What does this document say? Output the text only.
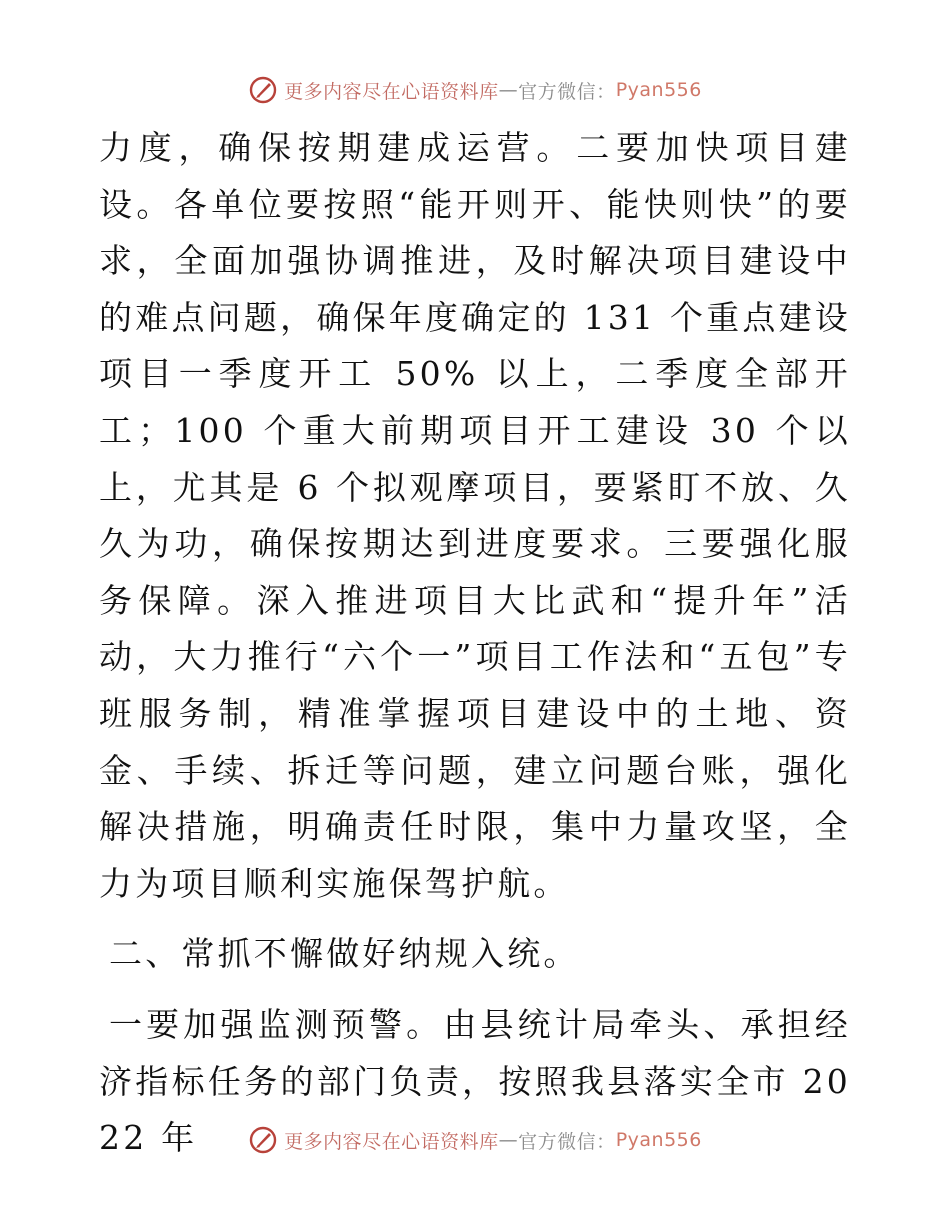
更多内容尽在心语资料库 — 官方微信： Pyan556

力度，确保按期建成运营。二要加快项目建设。各单位要按照“能开则开、能快则快”的要求，全面加强协调推进，及时解决项目建设中的难点问题，确保年度确定的 131 个重点建设项目一季度开工 50% 以上，二季度全部开工；100 个重大前期项目开工建设 30 个以上，尤其是 6 个拟观摩项目，要紧盯不放、久久为功，确保按期达到进度要求。三要强化服务保障。深入推进项目大比武和“提升年”活动，大力推行“六个一”项目工作法和“五包”专班服务制，精准掌握项目建设中的土地、资金、手续、拆迁等问题，建立问题台账，强化解决措施，明确责任时限，集中力量攻坚，全力为项目顺利实施保驾护航。

二、常抓不懈做好纳规入统。

一要加强监测预警。由县统计局牵头、承担经济指标任务的部门负责，按照我县落实全市 2022 年	更多内容尽在心语资料库 — 官方微信： Pyan556
